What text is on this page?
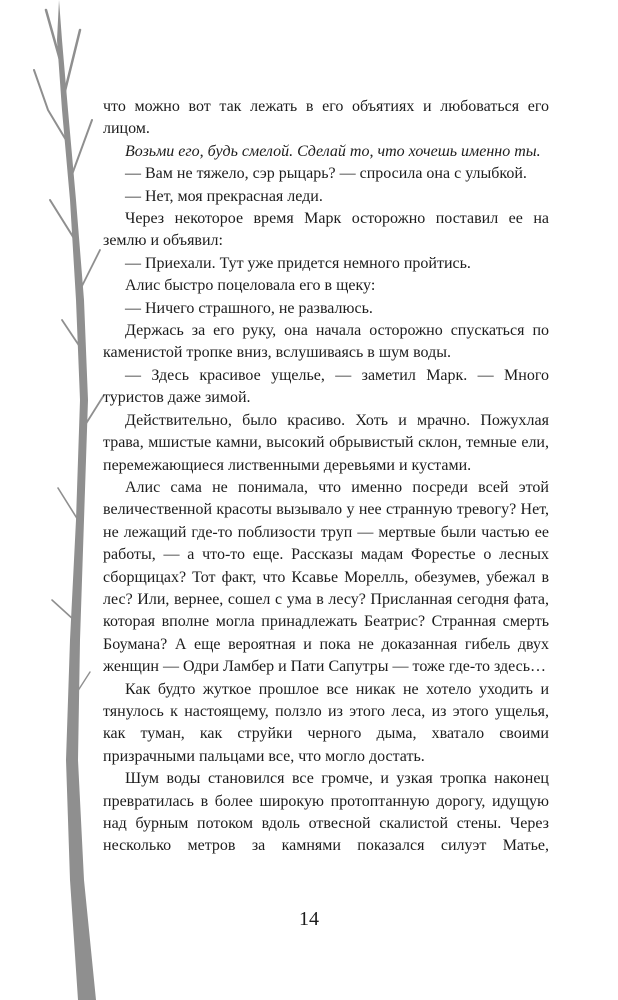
что можно вот так лежать в его объятиях и любоваться его лицом.

Возьми его, будь смелой. Сделай то, что хочешь именно ты.

— Вам не тяжело, сэр рыцарь? — спросила она с улыбкой.

— Нет, моя прекрасная леди.

Через некоторое время Марк осторожно поставил ее на землю и объявил:

— Приехали. Тут уже придется немного пройтись.

Алис быстро поцеловала его в щеку:

— Ничего страшного, не развалюсь.

Держась за его руку, она начала осторожно спускаться по каменистой тропке вниз, вслушиваясь в шум воды.

— Здесь красивое ущелье, — заметил Марк. — Много туристов даже зимой.

Действительно, было красиво. Хоть и мрачно. Пожухлая трава, мшистые камни, высокий обрывистый склон, темные ели, перемежающиеся лиственными деревьями и кустами.

Алис сама не понимала, что именно посреди всей этой величественной красоты вызывало у нее странную тревогу? Нет, не лежащий где-то поблизости труп — мертвые были частью ее работы, — а что-то еще. Рассказы мадам Форестье о лесных сборщицах? Тот факт, что Ксавье Морелль, обезумев, убежал в лес? Или, вернее, сошел с ума в лесу? Присланная сегодня фата, которая вполне могла принадлежать Беатрис? Странная смерть Боумана? А еще вероятная и пока не доказанная гибель двух женщин — Одри Ламбер и Пати Сапутры — тоже где-то здесь…

Как будто жуткое прошлое все никак не хотело уходить и тянулось к настоящему, ползло из этого леса, из этого ущелья, как туман, как струйки черного дыма, хватало своими призрачными пальцами все, что могло достать.

Шум воды становился все громче, и узкая тропка наконец превратилась в более широкую протоптанную дорогу, идущую над бурным потоком вдоль отвесной скалистой стены. Через несколько метров за камнями показался силуэт Матье,

14
